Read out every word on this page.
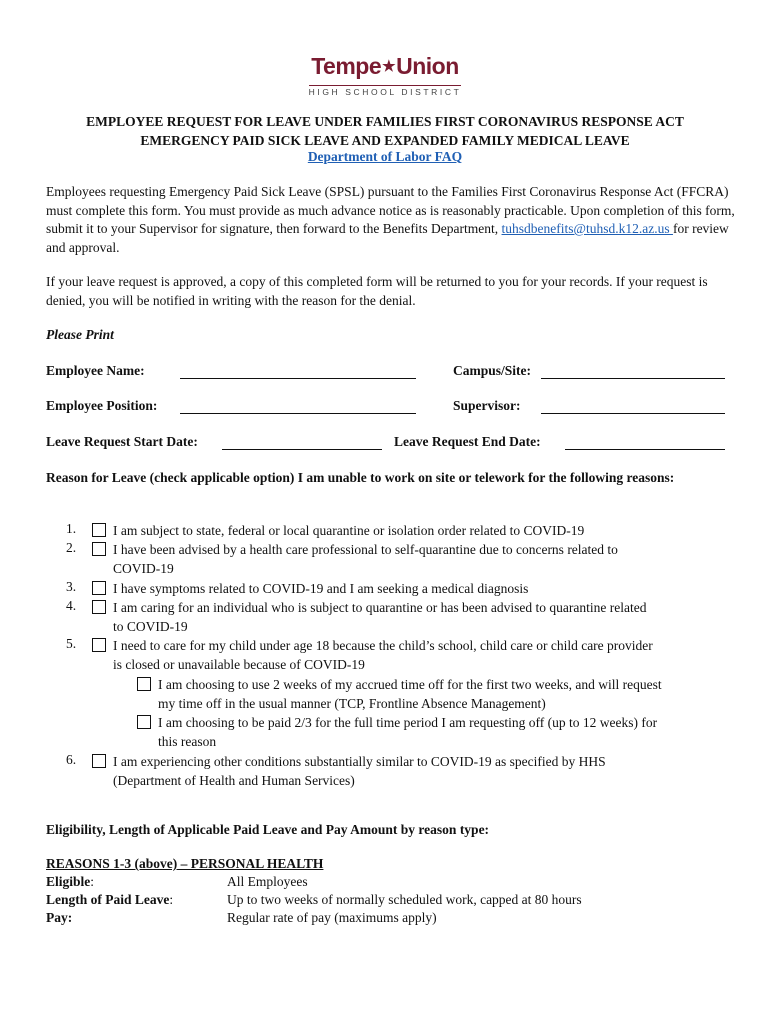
Tempe★Union
HIGH SCHOOL DISTRICT
EMPLOYEE REQUEST FOR LEAVE UNDER FAMILIES FIRST CORONAVIRUS RESPONSE ACT
EMERGENCY PAID SICK LEAVE AND EXPANDED FAMILY MEDICAL LEAVE
Department of Labor FAQ
Employees requesting Emergency Paid Sick Leave (SPSL) pursuant to the Families First Coronavirus Response Act (FFCRA) must complete this form. You must provide as much advance notice as is reasonably practicable. Upon completion of this form, submit it to your Supervisor for signature, then forward to the Benefits Department, tuhsdbenefits@tuhsd.k12.az.us for review and approval.
If your leave request is approved, a copy of this completed form will be returned to you for your records. If your request is denied, you will be notified in writing with the reason for the denial.
Please Print
Employee Name:	Campus/Site:
Employee Position:	Supervisor:
Leave Request Start Date:	Leave Request End Date:
Reason for Leave (check applicable option) I am unable to work on site or telework for the following reasons:
1.	I am subject to state, federal or local quarantine or isolation order related to COVID-19
2.	I have been advised by a health care professional to self-quarantine due to concerns related to
COVID-19
3.	I have symptoms related to COVID-19 and I am seeking a medical diagnosis
4.	I am caring for an individual who is subject to quarantine or has been advised to quarantine related
to COVID-19
5.	I need to care for my child under age 18 because the child’s school, child care or child care provider
is closed or unavailable because of COVID-19
I am choosing to use 2 weeks of my accrued time off for the first two weeks, and will request
my time off in the usual manner (TCP, Frontline Absence Management)
I am choosing to be paid 2/3 for the full time period I am requesting off (up to 12 weeks) for
this reason
6.	I am experiencing other conditions substantially similar to COVID-19 as specified by HHS
(Department of Health and Human Services)
Eligibility, Length of Applicable Paid Leave and Pay Amount by reason type:
REASONS 1-3 (above) – PERSONAL HEALTH
Eligible:	All Employees
Length of Paid Leave:	Up to two weeks of normally scheduled work, capped at 80 hours
Pay:	Regular rate of pay (maximums apply)
